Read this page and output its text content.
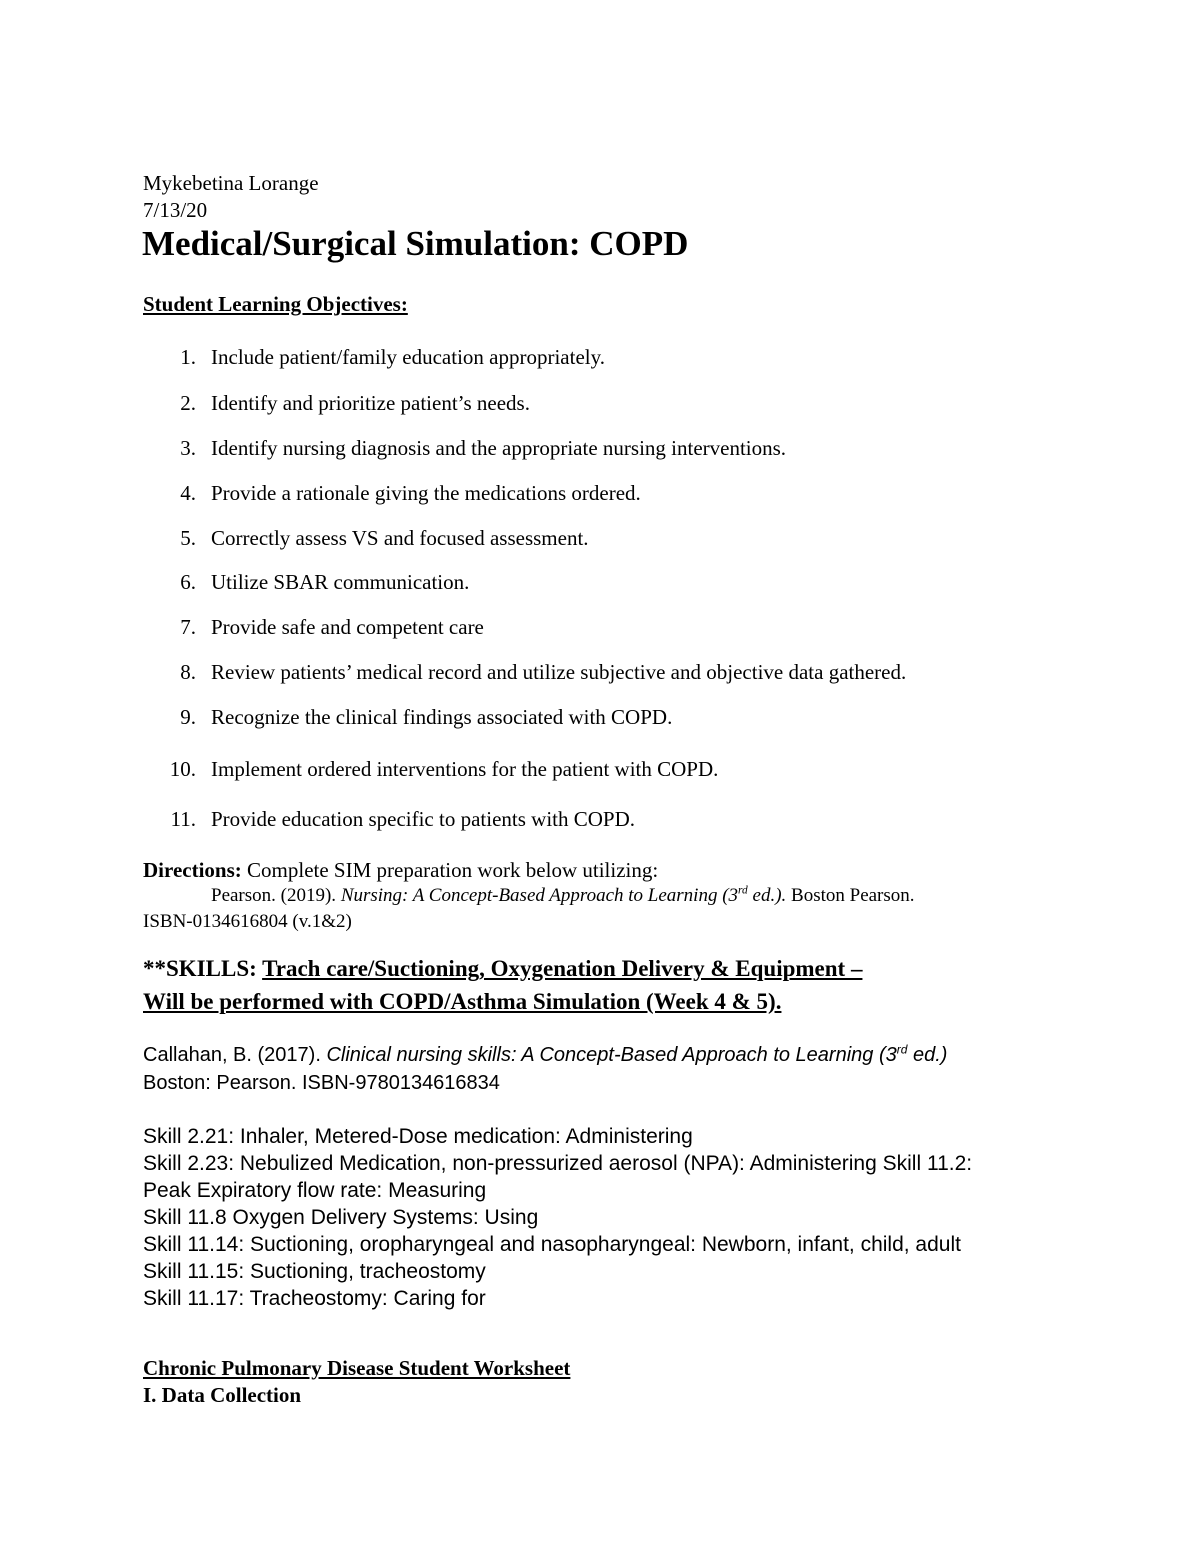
Mykebetina Lorange
7/13/20
Medical/Surgical Simulation: COPD
Student Learning Objectives:
1. Include patient/family education appropriately.
2. Identify and prioritize patient’s needs.
3. Identify nursing diagnosis and the appropriate nursing interventions.
4. Provide a rationale giving the medications ordered.
5. Correctly assess VS and focused assessment.
6. Utilize SBAR communication.
7. Provide safe and competent care
8. Review patients’ medical record and utilize subjective and objective data gathered.
9. Recognize the clinical findings associated with COPD.
10. Implement ordered interventions for the patient with COPD.
11. Provide education specific to patients with COPD.
Directions: Complete SIM preparation work below utilizing:
Pearson. (2019). Nursing: A Concept-Based Approach to Learning (3rd ed.). Boston Pearson.
ISBN-0134616804 (v.1&2)
**SKILLS: Trach care/Suctioning, Oxygenation Delivery & Equipment –
Will be performed with COPD/Asthma Simulation (Week 4 & 5).
Callahan, B. (2017). Clinical nursing skills: A Concept-Based Approach to Learning (3rd ed.)
Boston: Pearson. ISBN-9780134616834
Skill 2.21: Inhaler, Metered-Dose medication: Administering
Skill 2.23: Nebulized Medication, non-pressurized aerosol (NPA): Administering Skill 11.2:
Peak Expiratory flow rate: Measuring
Skill 11.8 Oxygen Delivery Systems: Using
Skill 11.14: Suctioning, oropharyngeal and nasopharyngeal: Newborn, infant, child, adult
Skill 11.15: Suctioning, tracheostomy
Skill 11.17: Tracheostomy: Caring for
Chronic Pulmonary Disease Student Worksheet
I. Data Collection
